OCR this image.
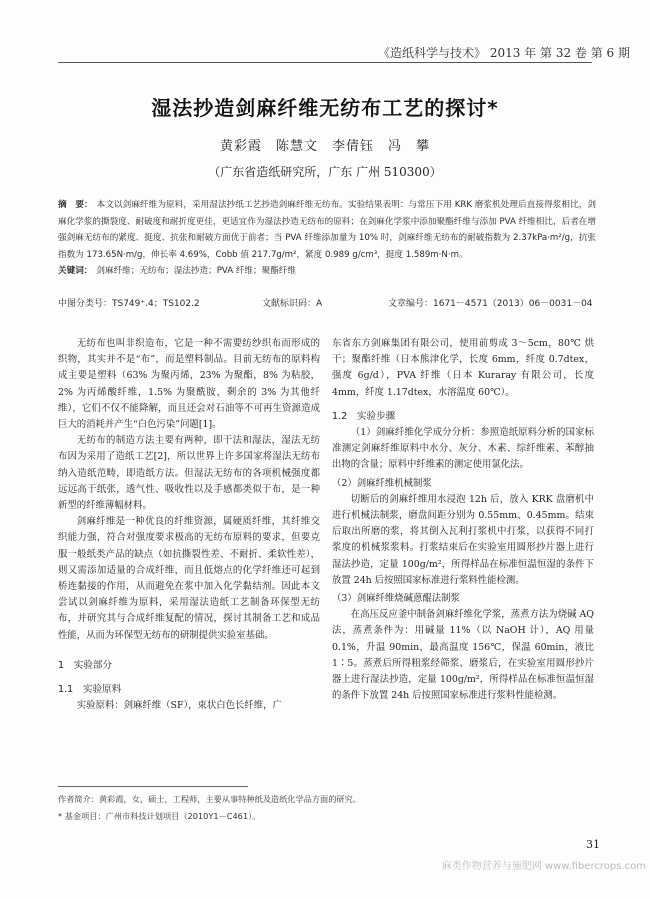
《造纸科学与技术》 2013 年 第 32 卷 第 6 期
湿法抄造剑麻纤维无纺布工艺的探讨*
黄彩霞　陈慧文　李倩钰　冯　攀
（广东省造纸研究所，广东 广州 510300）
摘　要： 本文以剑麻纤维为原料，采用湿法抄纸工艺抄造剑麻纤维无纺布。实验结果表明：与常压下用 KRK 磨浆机处理后直接得浆相比，剑麻化学浆的撕裂度、耐破度和耐折度更佳，更适宜作为湿法抄造无纺布的原料；在剑麻化学浆中添加聚酯纤维与添加 PVA 纤维相比，后者在增强剑麻无纺布的紧度、挺度、抗张和耐破方面优于前者；当 PVA 纤维添加量为 10% 时，剑麻纤维无纺布的耐破指数为 2.37kPa·m²/g，抗张指数为 173.65N·m/g，伸长率 4.69%，Cobb 值 217.7g/m²，紧度 0.989 g/cm³，挺度 1.589m·N·m。
关键词： 剑麻纤维；无纺布；湿法抄造；PVA 纤维；聚酯纤维
中图分类号：TS749⁺.4；TS102.2	文献标识码：A	文章编号：1671－4571（2013）06－0031－04

无纺布也叫非织造布，它是一种不需要纺纱织布而形成的织物，其实并不是“布”，而是塑料制品。目前无纺布的原料构成主要是塑料（63% 为聚丙烯，23% 为聚酯，8% 为粘胶，2% 为丙烯酸纤维，1.5% 为聚酰胺，剩余的 3% 为其他纤维），它们不仅不能降解，而且还会对石油等不可再生资源造成巨大的消耗并产生“白色污染”问题[1]。

无纺布的制造方法主要有两种，即干法和湿法，湿法无纺布因为采用了造纸工艺[2]，所以世界上许多国家将湿法无纺布纳入造纸范畴，即造纸方法。但湿法无纺布的各项机械强度都远远高于纸张，透气性、吸收性以及手感都类似于布，是一种新型的纤维薄幅材料。

剑麻纤维是一种优良的纤维资源，属硬质纤维，其纤维交织能力强，符合对强度要求极高的无纺布原料的要求，但要克服一般纸类产品的缺点（如抗撕裂性差、不耐折、柔软性差），则又需添加适量的合成纤维，而且低熔点的化学纤维还可起到桥连黏接的作用，从而避免在浆中加入化学黏结剂。因此本文尝试以剑麻纤维为原料，采用湿法造纸工艺制备环保型无纺布，并研究其与合成纤维复配的情况，探讨其制备工艺和成品性能，从而为环保型无纺布的研制提供实验室基础。

1　实验部分

1.1　实验原料

实验原料：剑麻纤维（SF），束状白色长纤维，广

东省东方剑麻集团有限公司，使用前剪成 3～5cm，80℃ 烘干；聚酯纤维（日本熊津化学，长度 6mm，纤度 0.7dtex，强度 6g/d），PVA 纤维（日本 Kuraray 有限公司，长度 4mm，纤度 1.17dtex，水溶温度 60℃）。

1.2　实验步骤

（1）剑麻纤维化学成分分析：参照造纸原料分析的国家标准测定剑麻纤维原料中水分、灰分、木素、综纤维素、苯醇抽出物的含量；原料中纤维素的测定使用氯化法。

（2）剑麻纤维机械制浆

切断后的剑麻纤维用水浸泡 12h 后，放入 KRK 盘磨机中进行机械法制浆，磨盘间距分别为 0.55mm、0.45mm。结束后取出所磨的浆，将其倒入瓦利打浆机中打浆，以获得不同打浆度的机械浆浆料。打浆结束后在实验室用圆形抄片器上进行湿法抄造，定量 100g/m²，所得样品在标准恒温恒湿的条件下放置 24h 后按照国家标准进行浆料性能检测。

（3）剑麻纤维烧碱蒽醌法制浆

在高压反应釜中制备剑麻纤维化学浆，蒸煮方法为烧碱 AQ 法，蒸煮条件为：用碱量 11%（以 NaOH 计），AQ 用量 0.1%，升温 90min，最高温度 156℃，保温 60min，液比 1∶5。蒸煮后所得粗浆经筛浆、磨浆后，在实验室用圆形抄片器上进行湿法抄造，定量 100g/m²，所得样品在标准恒温恒湿的条件下放置 24h 后按照国家标准进行浆料性能检测。

作者简介：黄彩霞，女，硕士，工程师，主要从事特种纸及造纸化学品方面的研究。
* 基金项目：广州市科技计划项目（2010Y1－C461）。
31
麻类作物营养与施肥网 www.fibercrops.com
